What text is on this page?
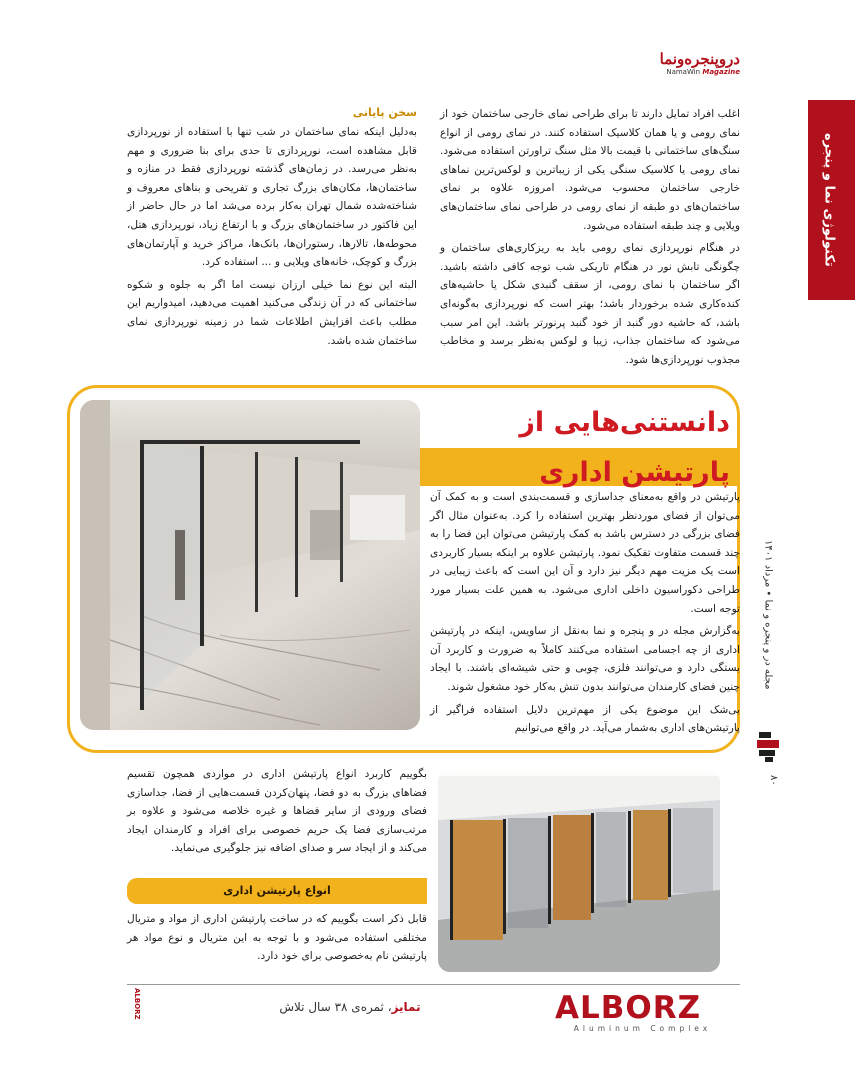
دروپنجره‌ونما
NamaWin Magazine
تکنولوژی نما و پنجره

اغلب افراد تمایل دارند تا برای طراحی نمای خارجی ساختمان خود از نمای رومی و یا همان کلاسیک استفاده کنند. در نمای رومی از انواع سنگ‌های ساختمانی با قیمت بالا مثل سنگ تراورتن استفاده می‌شود. نمای رومی یا کلاسیک سنگی یکی از زیباترین و لوکس‌ترین نماهای خارجی ساختمان محسوب می‌شود. امروزه علاوه بر نمای ساختمان‌های دو طبقه از نمای رومی در طراحی نمای ساختمان‌های ویلایی و چند طبقه استفاده می‌شود.

در هنگام نورپردازی نمای رومی باید به ریزکاری‌های ساختمان و چگونگی تابش نور در هنگام تاریکی شب توجه کافی داشته باشید. اگر ساختمان با نمای رومی، از سقف گنبدی شکل یا حاشیه‌های کنده‌کاری شده برخوردار باشد؛ بهتر است که نورپردازی به‌گونه‌ای باشد، که حاشیه دور گنبد از خود گنبد پرنورتر باشد. این امر سبب می‌شود که ساختمان جذاب، زیبا و لوکس به‌نظر برسد و مخاطب مجذوب نورپردازی‌ها شود.

سخن پایانی

به‌دلیل اینکه نمای ساختمان در شب تنها با استفاده از نورپردازی قابل مشاهده است، نورپردازی تا حدی برای بنا ضروری و مهم به‌نظر می‌رسد. در زمان‌های گذشته نورپردازی فقط در منازه و ساختمان‌ها، مکان‌های بزرگ تجاری و تفریحی و بناهای معروف و شناخته‌شده شمال تهران به‌کار برده می‌شد اما در حال حاضر از این فاکتور در ساختمان‌های بزرگ و با ارتفاع زیاد، نورپردازی هتل، محوطه‌ها، تالارها، رستوران‌ها، بانک‌ها، مراکز خرید و آپارتمان‌های بزرگ و کوچک، خانه‌های ویلایی و ... استفاده کرد.

البته این نوع نما خیلی ارزان نیست اما اگر به جلوه و شکوه ساختمانی که در آن زندگی می‌کنید اهمیت می‌دهید، امیدواریم این مطلب باعث افزایش اطلاعات شما در زمینه نورپردازی نمای ساختمان شده باشد.

دانستنی‌هایی از پارتیشن اداری

پارتیشن در واقع به‌معنای جداسازی و قسمت‌بندی است و به کمک آن می‌توان از فضای موردنظر بهترین استفاده را کرد. به‌عنوان مثال اگر فضای بزرگی در دسترس باشد به کمک پارتیشن می‌توان این فضا را به چند قسمت متفاوت تفکیک نمود. پارتیشن علاوه بر اینکه بسیار کاربردی است یک مزیت مهم دیگر نیز دارد و آن این است که باعث زیبایی در طراحی دکوراسیون داخلی اداری می‌شود. به همین علت بسیار مورد توجه است.

به‌گزارش مجله در و پنجره و نما به‌نقل از ساویس، اینکه در پارتیشن اداری از چه اجسامی استفاده می‌کنند کاملاً به ضرورت و کاربرد آن بستگی دارد و می‌توانند فلزی، چوبی و حتی شیشه‌ای باشند. با ایجاد چنین فضای کارمندان می‌توانند بدون تنش به‌کار خود مشغول شوند.

بی‌شک این موضوع یکی از مهم‌ترین دلایل استفاده فراگیر از پارتیشن‌های اداری به‌شمار می‌آید. در واقع می‌توانیم

مجله در و پنجره و نما • مرداد ۱۴۰۱
۸۰

بگوییم کاربرد انواع پارتیشن اداری در مواردی همچون تقسیم فضاهای بزرگ به دو فضا، پنهان‌کردن قسمت‌هایی از فضا، جداسازی فضای ورودی از سایر فضاها و غیره خلاصه می‌شود و علاوه بر مرتب‌سازی فضا یک حریم خصوصی برای افراد و کارمندان ایجاد می‌کند و از ایجاد سر و صدای اضافه نیز جلوگیری می‌نماید.

انواع پارتیشن اداری

قابل ذکر است بگوییم که در ساخت پارتیشن اداری از مواد و متریال مختلفی استفاده می‌شود و با توجه به این متریال و نوع مواد هر پارتیشن نام به‌خصوصی برای خود دارد.

تمایز، ثمره‌ی ۳۸ سال تلاش
ALBORZ	ALBORZ
Aluminum Complex
